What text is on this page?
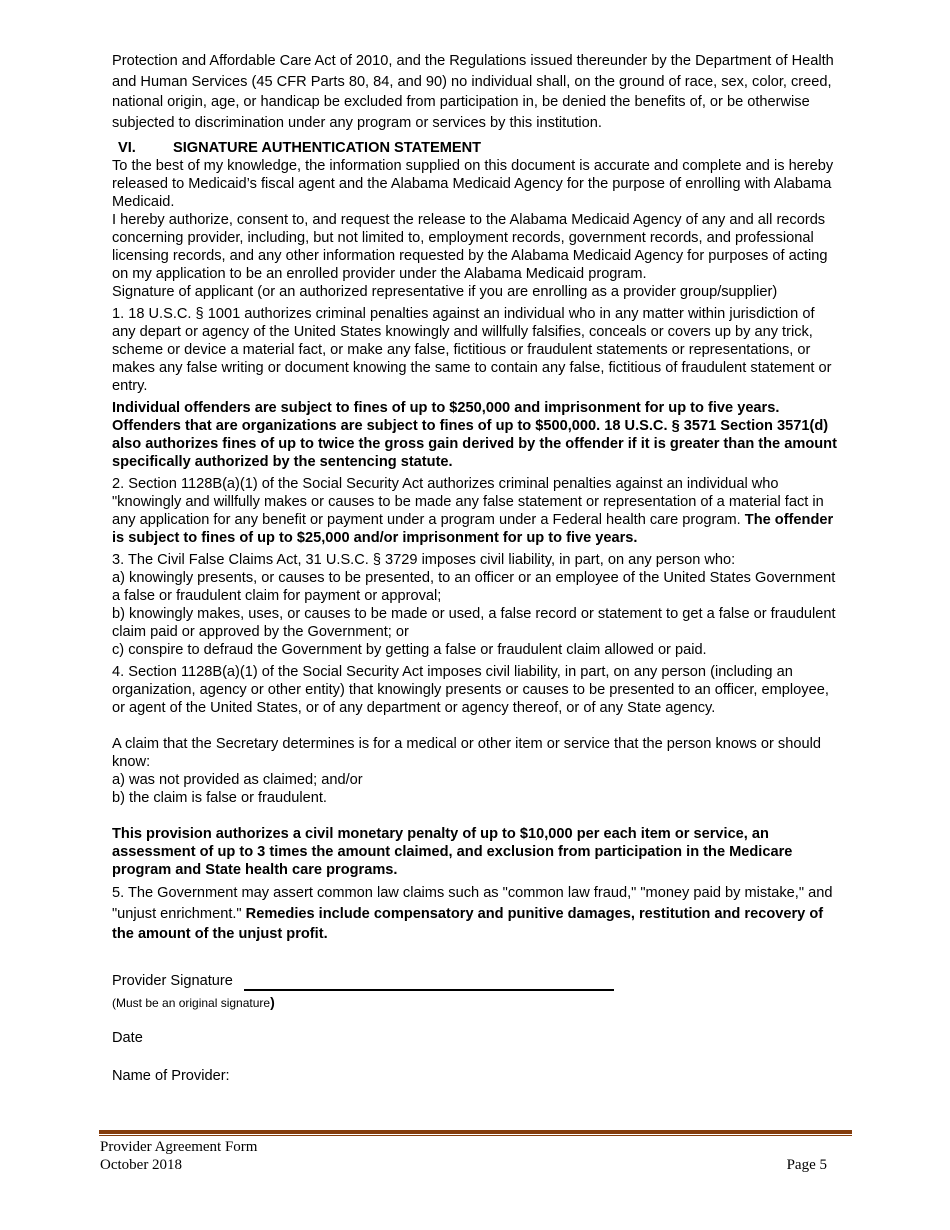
Protection and Affordable Care Act of 2010, and the Regulations issued thereunder by the Department of Health and Human Services (45 CFR Parts 80, 84, and 90) no individual shall, on the ground of race, sex, color, creed, national origin, age, or handicap be excluded from participation in, be denied the benefits of, or be otherwise subjected to discrimination under any program or services by this institution.

VI.	SIGNATURE AUTHENTICATION STATEMENT

To the best of my knowledge, the information supplied on this document is accurate and complete and is hereby released to Medicaid’s fiscal agent and the Alabama Medicaid Agency for the purpose of enrolling with Alabama Medicaid.

I hereby authorize, consent to, and request the release to the Alabama Medicaid Agency of any and all records concerning provider, including, but not limited to, employment records, government records, and professional licensing records, and any other information requested by the Alabama Medicaid Agency for purposes of acting on my application to be an enrolled provider under the Alabama Medicaid program.

Signature of applicant (or an authorized representative if you are enrolling as a provider group/supplier)

1. 18 U.S.C. § 1001 authorizes criminal penalties against an individual who in any matter within jurisdiction of any depart or agency of the United States knowingly and willfully falsifies, conceals or covers up by any trick, scheme or device a material fact, or make any false, fictitious or fraudulent statements or representations, or makes any false writing or document knowing the same to contain any false, fictitious of fraudulent statement or entry.

Individual offenders are subject to fines of up to $250,000 and imprisonment for up to five years. Offenders that are organizations are subject to fines of up to $500,000. 18 U.S.C. § 3571 Section 3571(d) also authorizes fines of up to twice the gross gain derived by the offender if it is greater than the amount specifically authorized by the sentencing statute.

2. Section 1128B(a)(1) of the Social Security Act authorizes criminal penalties against an individual who "knowingly and willfully makes or causes to be made any false statement or representation of a material fact in any application for any benefit or payment under a program under a Federal health care program. The offender is subject to fines of up to $25,000 and/or imprisonment for up to five years.

3. The Civil False Claims Act, 31 U.S.C. § 3729 imposes civil liability, in part, on any person who:

a) knowingly presents, or causes to be presented, to an officer or an employee of the United States Government a false or fraudulent claim for payment or approval;

b) knowingly makes, uses, or causes to be made or used, a false record or statement to get a false or fraudulent claim paid or approved by the Government; or

c) conspire to defraud the Government by getting a false or fraudulent claim allowed or paid.

4. Section 1128B(a)(1) of the Social Security Act imposes civil liability, in part, on any person (including an organization, agency or other entity) that knowingly presents or causes to be presented to an officer, employee, or agent of the United States, or of any department or agency thereof, or of any State agency.

A claim that the Secretary determines is for a medical or other item or service that the person knows or should know:

a) was not provided as claimed; and/or

b) the claim is false or fraudulent.

This provision authorizes a civil monetary penalty of up to $10,000 per each item or service, an assessment of up to 3 times the amount claimed, and exclusion from participation in the Medicare program and State health care programs.

5. The Government may assert common law claims such as "common law fraud," "money paid by mistake," and "unjust enrichment." Remedies include compensatory and punitive damages, restitution and recovery of the amount of the unjust profit.

Provider Signature
(Must be an original signature)
Date
Name of Provider:
Provider Agreement Form
October 2018	Page 5
